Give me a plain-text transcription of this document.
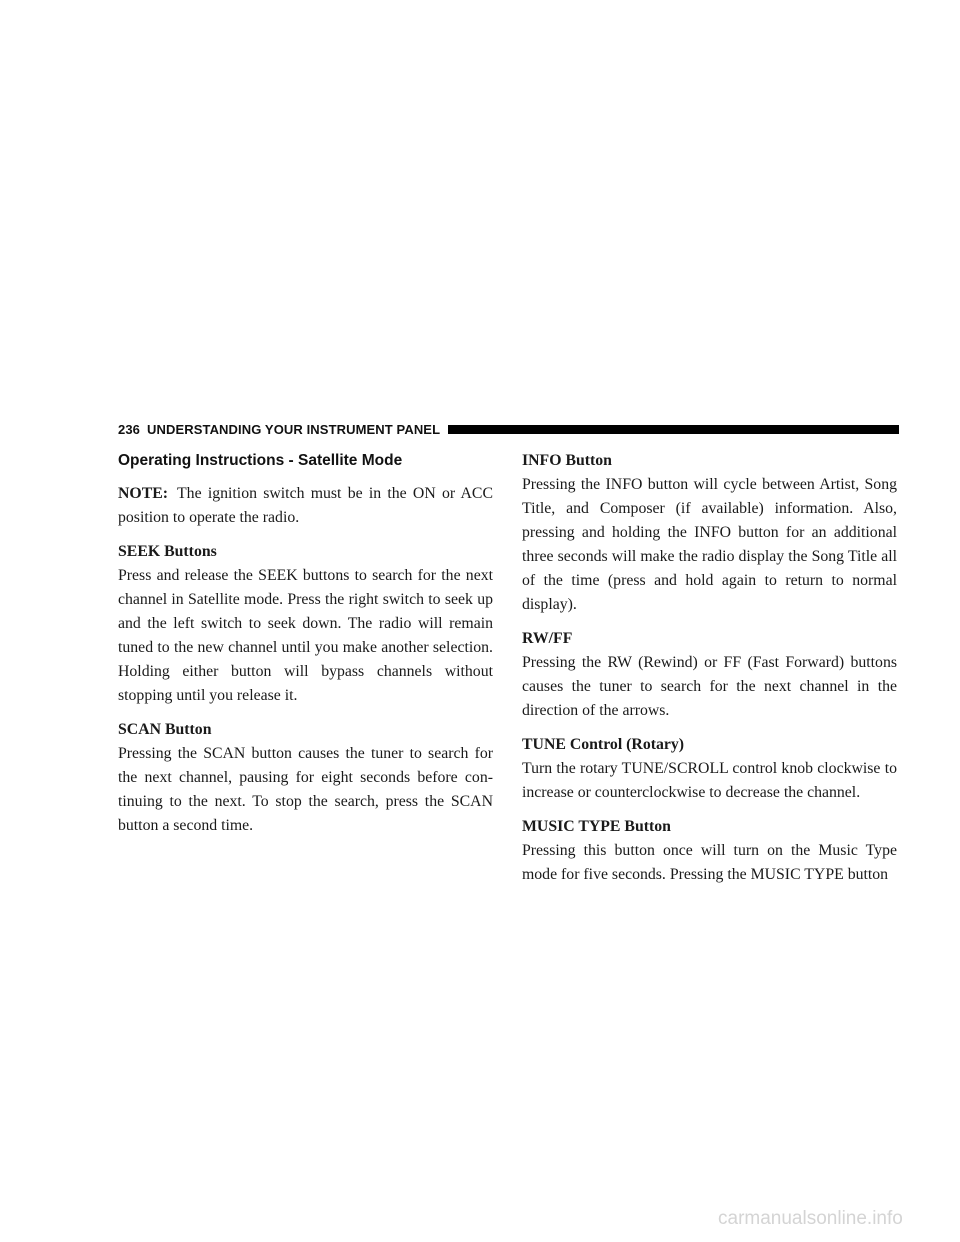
236 UNDERSTANDING YOUR INSTRUMENT PANEL
Operating Instructions - Satellite Mode

NOTE: The ignition switch must be in the ON or ACC position to operate the radio.

SEEK Buttons

Press and release the SEEK buttons to search for the next channel in Satellite mode. Press the right switch to seek up and the left switch to seek down. The radio will remain tuned to the new channel until you make another selection. Holding either button will bypass channels without stopping until you release it.

SCAN Button

Pressing the SCAN button causes the tuner to search for the next channel, pausing for eight seconds before con-tinuing to the next. To stop the search, press the SCAN button a second time.

INFO Button

Pressing the INFO button will cycle between Artist, Song Title, and Composer (if available) information. Also, pressing and holding the INFO button for an additional three seconds will make the radio display the Song Title all of the time (press and hold again to return to normal display).

RW/FF

Pressing the RW (Rewind) or FF (Fast Forward) buttons causes the tuner to search for the next channel in the direction of the arrows.

TUNE Control (Rotary)

Turn the rotary TUNE/SCROLL control knob clockwise to increase or counterclockwise to decrease the channel.

MUSIC TYPE Button

Pressing this button once will turn on the Music Type mode for five seconds. Pressing the MUSIC TYPE button

carmanualsonline.info
